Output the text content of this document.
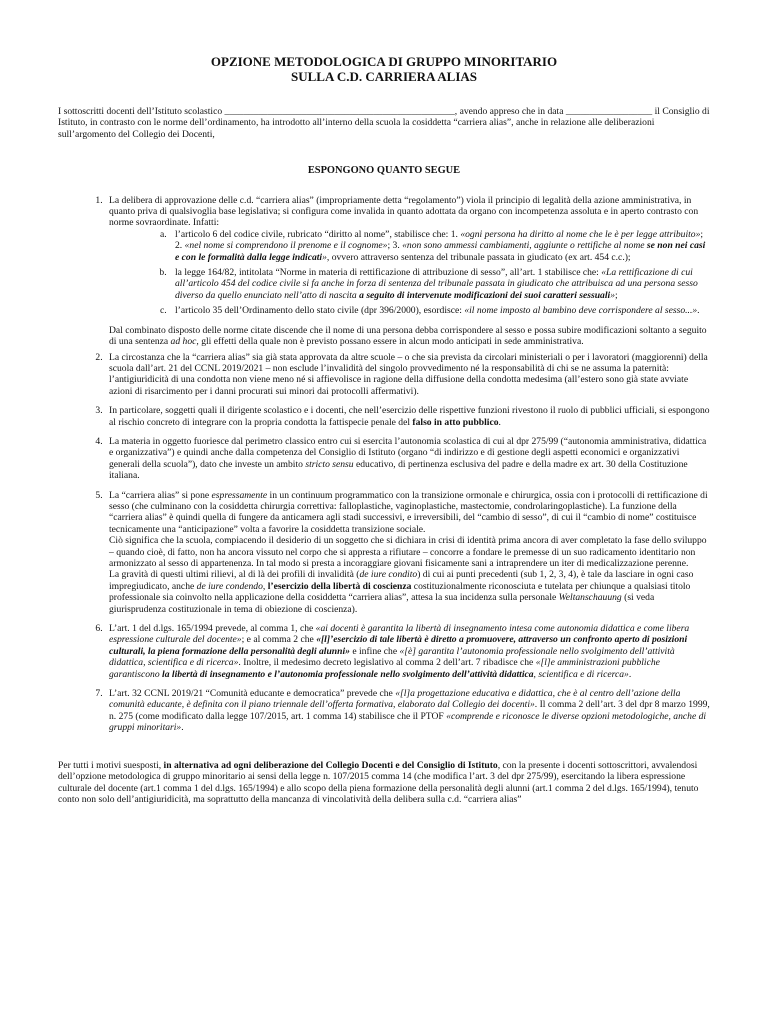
OPZIONE METODOLOGICA DI GRUPPO MINORITARIO
SULLA C.D. CARRIERA ALIAS

I sottoscritti docenti dell’Istituto scolastico ________________________________________________, avendo appreso che in data __________________ il Consiglio di Istituto, in contrasto con le norme dell’ordinamento, ha introdotto all’interno della scuola la cosiddetta “carriera alias”, anche in relazione alle deliberazioni sull’argomento del Collegio dei Docenti,

ESPONGONO QUANTO SEGUE

1. La delibera di approvazione delle c.d. “carriera alias” (impropriamente detta “regolamento”) viola il principio di legalità della azione amministrativa, in quanto priva di qualsivoglia base legislativa; si configura come invalida in quanto adottata da organo con incompetenza assoluta e in aperto contrasto con norme sovraordinate. Infatti:

a. l’articolo 6 del codice civile, rubricato “diritto al nome”, stabilisce che: 1. «ogni persona ha diritto al nome che le è per legge attribuito»; 2. «nel nome si comprendono il prenome e il cognome»; 3. «non sono ammessi cambiamenti, aggiunte o rettifiche al nome se non nei casi e con le formalità dalla legge indicati», ovvero attraverso sentenza del tribunale passata in giudicato (ex art. 454 c.c.);
b. la legge 164/82, intitolata “Norme in materia di rettificazione di attribuzione di sesso”, all’art. 1 stabilisce che: «La rettificazione di cui all’articolo 454 del codice civile si fa anche in forza di sentenza del tribunale passata in giudicato che attribuisca ad una persona sesso diverso da quello enunciato nell’atto di nascita a seguito di intervenute modificazioni dei suoi caratteri sessuali»;
c. l’articolo 35 dell’Ordinamento dello stato civile (dpr 396/2000), esordisce: «il nome imposto al bambino deve corrispondere al sesso...».

Dal combinato disposto delle norme citate discende che il nome di una persona debba corrispondere al sesso e possa subire modificazioni soltanto a seguito di una sentenza ad hoc, gli effetti della quale non è previsto possano essere in alcun modo anticipati in sede amministrativa.

2. La circostanza che la “carriera alias” sia già stata approvata da altre scuole – o che sia prevista da circolari ministeriali o per i lavoratori (maggiorenni) della scuola dall’art. 21 del CCNL 2019/2021 – non esclude l’invalidità del singolo provvedimento né la responsabilità di chi se ne assuma la paternità: l’antigiuridicità di una condotta non viene meno né si affievolisce in ragione della diffusione della condotta medesima (all’estero sono già state avviate azioni di risarcimento per i danni procurati sui minori dai protocolli affermativi).
3. In particolare, soggetti quali il dirigente scolastico e i docenti, che nell’esercizio delle rispettive funzioni rivestono il ruolo di pubblici ufficiali, si espongono al rischio concreto di integrare con la propria condotta la fattispecie penale del falso in atto pubblico.
4. La materia in oggetto fuoriesce dal perimetro classico entro cui si esercita l’autonomia scolastica di cui al dpr 275/99 (“autonomia amministrativa, didattica e organizzativa”) e quindi anche dalla competenza del Consiglio di Istituto (organo “di indirizzo e di gestione degli aspetti economici e organizzativi generali della scuola”), dato che investe un ambito stricto sensu educativo, di pertinenza esclusiva del padre e della madre ex art. 30 della Costituzione italiana.

5. La “carriera alias” si pone espressamente in un continuum programmatico con la transizione ormonale e chirurgica, ossia con i protocolli di rettificazione di sesso (che culminano con la cosiddetta chirurgia correttiva: falloplastiche, vaginoplastiche, mastectomie, condrolaringoplastiche). La funzione della “carriera alias” è quindi quella di fungere da anticamera agli stadi successivi, e irreversibili, del “cambio di sesso”, di cui il “cambio di nome” costituisce tecnicamente una “anticipazione” volta a favorire la cosiddetta transizione sociale.

Ciò significa che la scuola, compiacendo il desiderio di un soggetto che si dichiara in crisi di identità prima ancora di aver completato la fase dello sviluppo – quando cioè, di fatto, non ha ancora vissuto nel corpo che si appresta a rifiutare – concorre a fondare le premesse di un suo radicamento identitario non armonizzato al sesso di appartenenza. In tal modo si presta a incoraggiare giovani fisicamente sani a intraprendere un iter di medicalizzazione perenne.

La gravità di questi ultimi rilievi, al di là dei profili di invalidità (de iure condito) di cui ai punti precedenti (sub 1, 2, 3, 4), è tale da lasciare in ogni caso impregiudicato, anche de iure condendo, l’esercizio della libertà di coscienza costituzionalmente riconosciuta e tutelata per chiunque a qualsiasi titolo professionale sia coinvolto nella applicazione della cosiddetta “carriera alias”, attesa la sua incidenza sulla personale Weltanschauung (si veda giurisprudenza costituzionale in tema di obiezione di coscienza).

6. L’art. 1 del d.lgs. 165/1994 prevede, al comma 1, che «ai docenti è garantita la libertà di insegnamento intesa come autonomia didattica e come libera espressione culturale del docente»; e al comma 2 che «[l]’esercizio di tale libertà è diretto a promuovere, attraverso un confronto aperto di posizioni culturali, la piena formazione della personalità degli alunni» e infine che «[è] garantita l’autonomia professionale nello svolgimento dell’attività didattica, scientifica e di ricerca». Inoltre, il medesimo decreto legislativo al comma 2 dell’art. 7 ribadisce che «[l]e amministrazioni pubbliche garantiscono la libertà di insegnamento e l’autonomia professionale nello svolgimento dell’attività didattica, scientifica e di ricerca».
7. L’art. 32 CCNL 2019/21 “Comunità educante e democratica” prevede che «[l]a progettazione educativa e didattica, che è al centro dell’azione della comunità educante, è definita con il piano triennale dell’offerta formativa, elaborato dal Collegio dei docenti». Il comma 2 dell’art. 3 del dpr 8 marzo 1999, n. 275 (come modificato dalla legge 107/2015, art. 1 comma 14) stabilisce che il PTOF «comprende e riconosce le diverse opzioni metodologiche, anche di gruppi minoritari».

Per tutti i motivi suesposti, in alternativa ad ogni deliberazione del Collegio Docenti e del Consiglio di Istituto, con la presente i docenti sottoscrittori, avvalendosi dell’opzione metodologica di gruppo minoritario ai sensi della legge n. 107/2015 comma 14 (che modifica l’art. 3 del dpr 275/99), esercitando la libera espressione culturale del docente (art.1 comma 1 del d.lgs. 165/1994) e allo scopo della piena formazione della personalità degli alunni (art.1 comma 2 del d.lgs. 165/1994), tenuto conto non solo dell’antigiuridicità, ma soprattutto della mancanza di vincolatività della delibera sulla c.d. “carriera alias”
